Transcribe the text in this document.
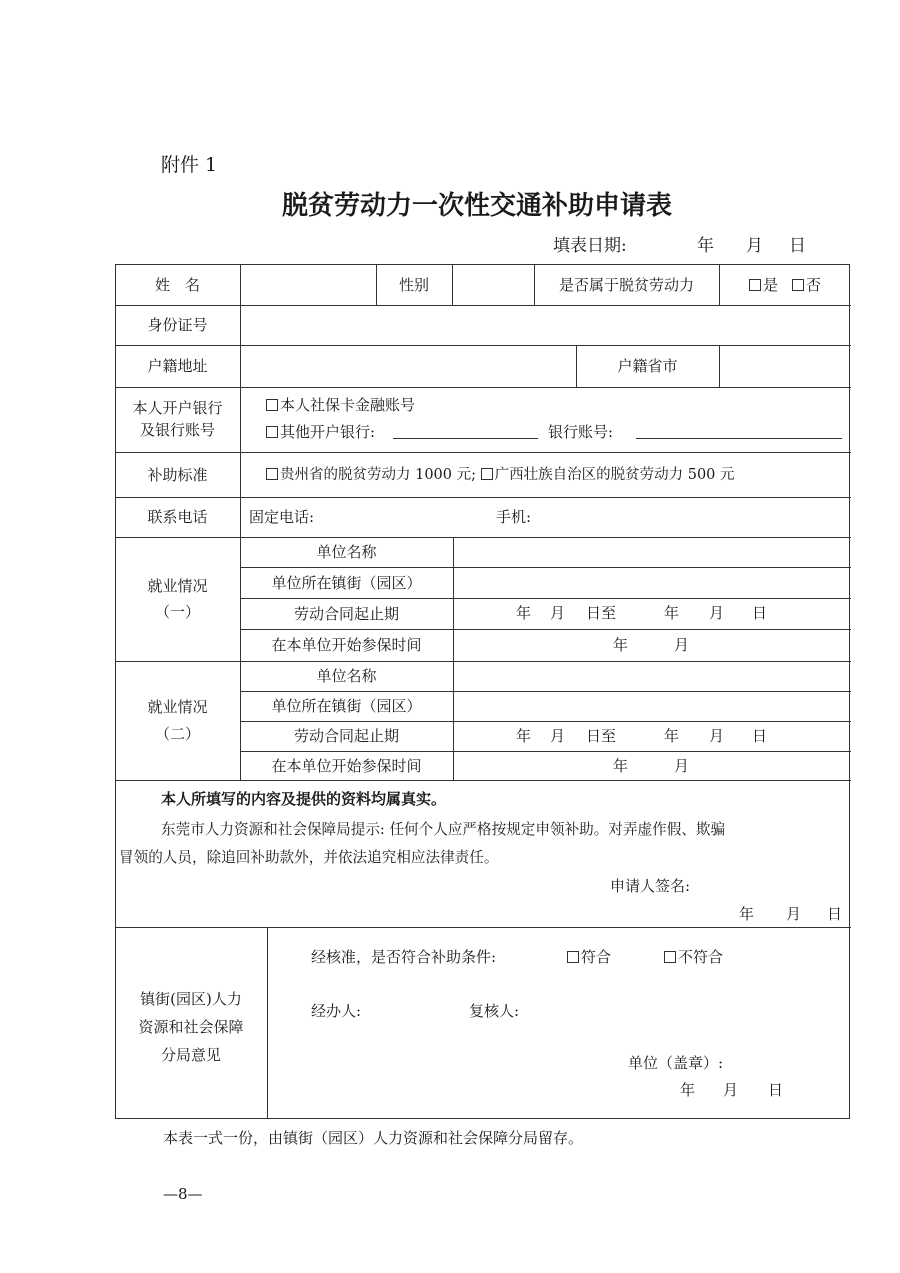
附件 1
脱贫劳动力一次性交通补助申请表
填表日期:	年 月 日
姓　名	性别	是否属于脱贫劳动力	是	否
身份证号
户籍地址	户籍省市
本人开户银行
及银行账号
本人社保卡金融账号
其他开户银行:	银行账号:
补助标准	贵州省的脱贫劳动力 1000 元; 广西壮族自治区的脱贫劳动力 500 元
联系电话	固定电话:	手机:
就业情况
（一）
单位名称
单位所在镇街（园区）
劳动合同起止期	年 月 日至	年 月 日
在本单位开始参保时间	年	月
就业情况
（二）
单位名称
单位所在镇街（园区）
劳动合同起止期	年 月 日至	年 月 日
在本单位开始参保时间	年	月
本人所填写的内容及提供的资料均属真实。
东莞市人力资源和社会保障局提示: 任何个人应严格按规定申领补助。对弄虚作假、欺骗
冒领的人员，除追回补助款外，并依法追究相应法律责任。
申请人签名:
年 月 日
镇街(园区)人力
资源和社会保障
分局意见
经核准，是否符合补助条件:	符合	不符合
经办人:	复核人:
单位（盖章）:
年 月 日
本表一式一份，由镇街（园区）人力资源和社会保障分局留存。
—8—
